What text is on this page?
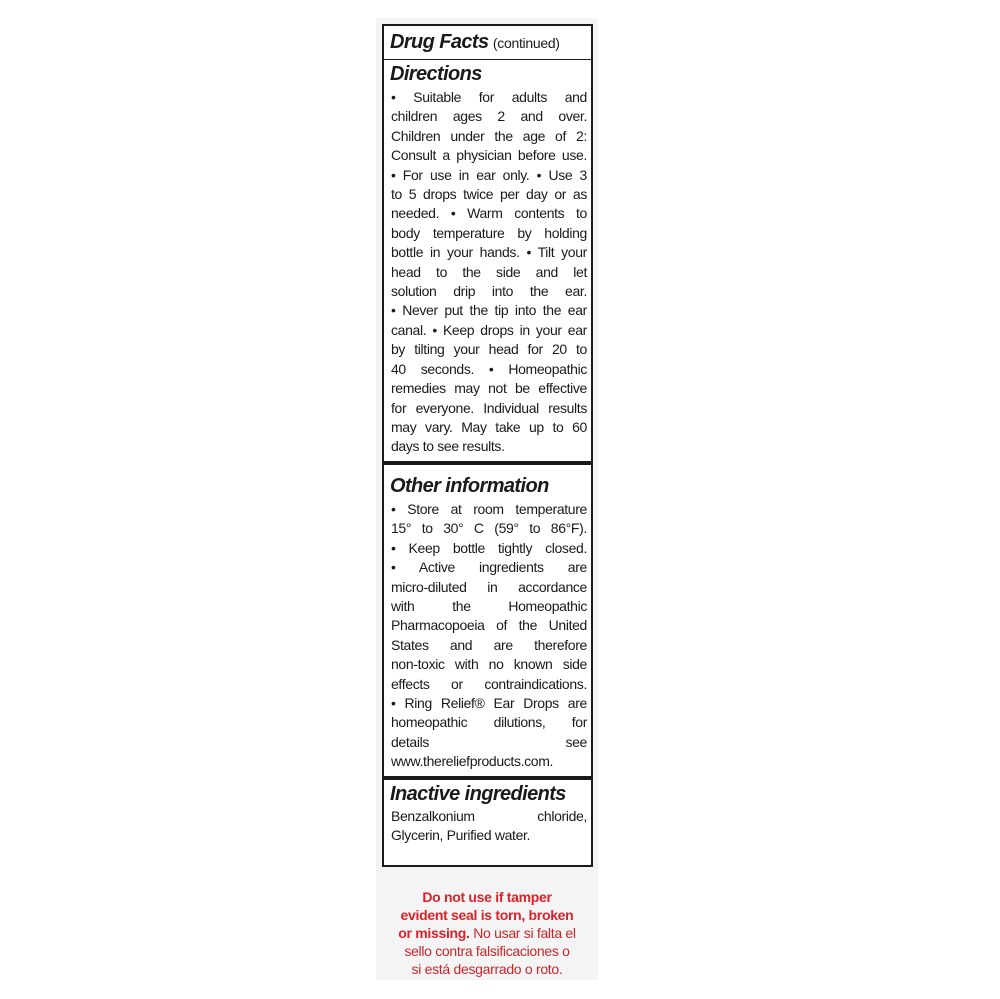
Drug Facts (continued)
Directions
• Suitable for adults and
children ages 2 and over.
Children under the age of 2:
Consult a physician before use.
• For use in ear only. • Use 3
to 5 drops twice per day or as
needed. • Warm contents to
body temperature by holding
bottle in your hands. • Tilt your
head to the side and let
solution drip into the ear.
• Never put the tip into the ear
canal. • Keep drops in your ear
by tilting your head for 20 to
40 seconds. • Homeopathic
remedies may not be effective
for everyone. Individual results
may vary. May take up to 60
days to see results.
Other information
• Store at room temperature
15° to 30° C (59° to 86°F).
• Keep bottle tightly closed.
• Active ingredients are
micro-diluted in accordance
with the Homeopathic
Pharmacopoeia of the United
States and are therefore
non-toxic with no known side
effects or contraindications.
• Ring Relief® Ear Drops are
homeopathic dilutions, for
details see
www.thereliefproducts.com.
Inactive ingredients
Benzalkonium chloride,
Glycerin, Purified water.
Do not use if tamper
evident seal is torn, broken
or missing. No usar si falta el
sello contra falsificaciones o
si está desgarrado o roto.
